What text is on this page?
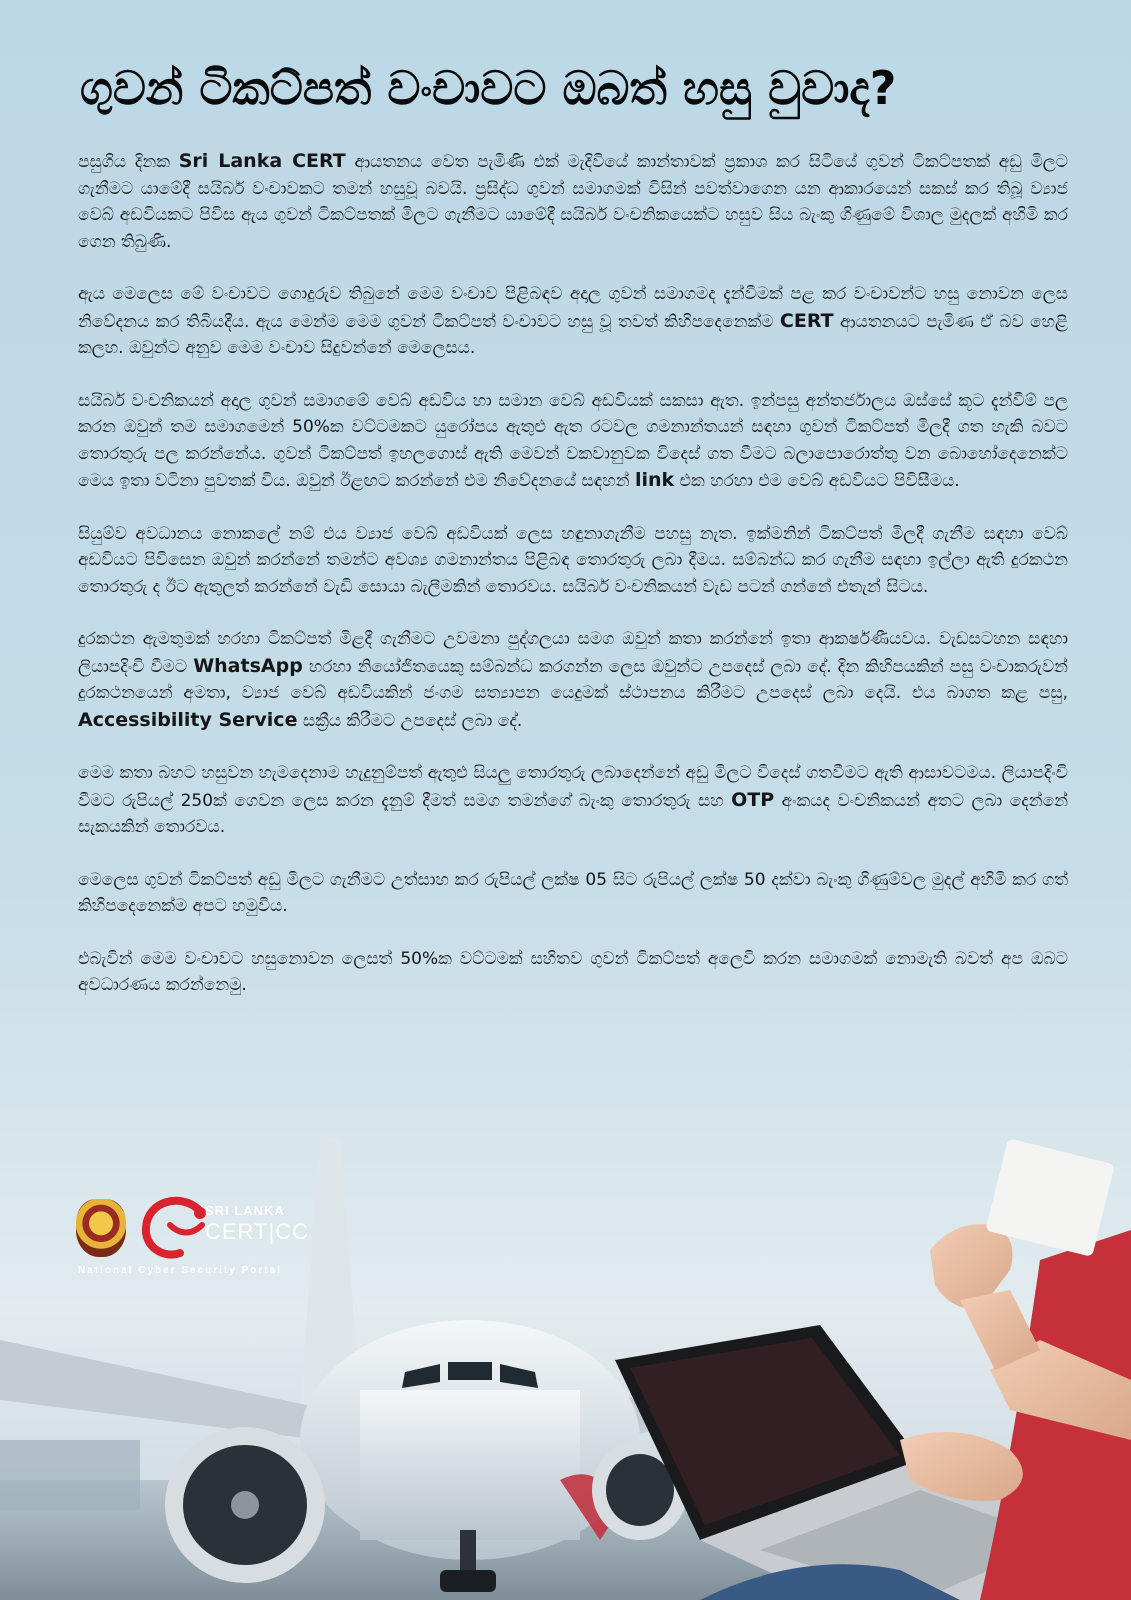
ගුවන් ටිකට්පත් වංචාවට ඔබත් හසු වුවාද?

පසුගිය දිනක Sri Lanka CERT ආයතනය වෙත පැමිණි එක් මැදිවියේ කාන්තාවක් ප්‍රකාශ කර සිටියේ ගුවන් ටිකට්පතක් අඩු මිලට ගැනීමට යාමේදී සයිබර් වංචාවකට තමන් හසුවූ බවයි. ප්‍රසිද්ධ ගුවන් සමාගමක් විසින් පවත්වාගෙන යන ආකාරයෙන් සකස් කර තිබූ ව්‍යාජ වෙබ් අඩවියකට පිවිස ඇය ගුවන් ටිකට්පතක් මිලට ගැනීමට යාමේදී සයිබර් වංචනිකයෙක්ට හසුව සිය බැංකු ගිණුමේ විශාල මුදලක් අහිමි කර ගෙන තිබුණි.

ඇය මෙලෙස මේ වංචාවට ගොදුරුව තිබුනේ මෙම වංචාව පිළිබඳව අදාල ගුවන් සමාගමද දැන්වීමක් පළ කර වංචාවන්ට හසු නොවන ලෙස නිවේදනය කර තිබියදීය. ඇය මෙන්ම මෙම ගුවන් ටිකට්පත් වංචාවට හසු වූ තවත් කිහිපදෙනෙක්ම CERT ආයතනයට පැමිණ ඒ බව හෙළි කලහ. ඔවුන්ට අනුව මෙම වංචාව සිදුවන්නේ මෙලෙසය.

සයිබර් වංචනිකයන් අදාල ගුවන් සමාගමේ වෙබ් අඩවිය හා සමාන වෙබ් අඩවියක් සකසා ඇත. ඉන්පසු අන්තර්ජාලය ඔස්සේ කූට දැන්වීම් පල කරන ඔවුන් තම සමාගමෙන් 50%ක වට්ටමකට යුරෝපය ඇතුළු ඇත රටවල ගමනාන්තයන් සඳහා ගුවන් ටිකට්පත් මිලදී ගත හැකි බවට තොරතුරු පල කරන්නේය. ගුවන් ටිකට්පත් ඉහලගොස් ඇති මෙවන් වකවානුවක විදෙස් ගත වීමට බලාපොරොත්තු වන බොහෝදෙනෙක්ට මෙය ඉතා වටිනා පුවතක් විය. ඔවුන් ඊළඟට කරන්නේ එම නිවේදනයේ සඳහන් link එක හරහා එම වෙබ් අඩවියට පිවිසීමය.

සියුම්ව අවධානය නොකලේ නම් එය ව්‍යාජ වෙබ් අඩවියක් ලෙස හඳුනාගැනීම පහසු නැත. ඉක්මනින් ටිකට්පත් මිලදී ගැනීම සඳහා වෙබ් අඩවියට පිවිසෙන ඔවුන් කරන්නේ තමන්ට අවශ්‍ය ගමනාන්තය පිළිබඳ තොරතුරු ලබා දීමය. සම්බන්ධ කර ගැනීම සඳහා ඉල්ලා ඇති දුරකථන තොරතුරු ද ඊට ඇතුලත් කරන්නේ වැඩි සොයා බැලීමකින් තොරවය. සයිබර් වංචනිකයන් වැඩ පටන් ගන්නේ එතැන් සිටය.

දුරකථන ඇමතුමක් හරහා ටිකට්පත් මිළදී ගැනීමට උවමනා පුද්ගලයා සමග ඔවුන් කතා කරන්නේ ඉතා ආකර්ෂණීයවය. වැඩසටහන සඳහා ලියාපදිංචි වීමට WhatsApp හරහා නියෝජිතයෙකු සම්බන්ධ කරගන්න ලෙස ඔවුන්ට උපදෙස් ලබා දේ. දින කිහිපයකින් පසු වංචාකරුවන් දුරකථනයෙන් අමතා, ව්‍යාජ වෙබ් අඩවියකින් ජංගම සත්‍යාපන යෙදුමක් ස්ථාපනය කිරීමට උපදෙස් ලබා දෙයි. එය බාගත කළ පසු, Accessibility Service සක්‍රීය කිරීමට උපදෙස් ලබා දේ.

මෙම කතා බහට හසුවන හැමදෙනාම හැදුනුම්පත් ඇතුළු සියලු තොරතුරු ලබාදෙන්නේ අඩු මිලට විදෙස් ගතවීමට ඇති ආසාවටමය. ලියාපදිංචි වීමට රුපියල් 250ක් ගෙවන ලෙස කරන දැනුම් දීමත් සමග තමන්ගේ බැංකු තොරතුරු සහ OTP අංකයද වංචනිකයන් අතට ලබා දෙන්නේ සැකයකින් තොරවය.

මෙලෙස ගුවන් ටිකට්පත් අඩු මිලට ගැනීමට උත්සාහ කර රුපියල් ලක්ෂ 05 සිට රුපියල් ලක්ෂ 50 දක්වා බැංකු ගිණුම්වල මුදල් අහිමි කර ගත් කිහිපදෙනෙක්ම අපට හමුවිය.

එබැවින් මෙම වංචාවට හසුනොවන ලෙසත් 50%ක වට්ටමක් සහිතව ගුවන් ටිකට්පත් අලෙවි කරන සමාගමක් නොමැති බවත් අප ඔබට අවධාරණය කරන්නෙමු.

SRI LANKA
CERT|CC
National Cyber Security Portal
